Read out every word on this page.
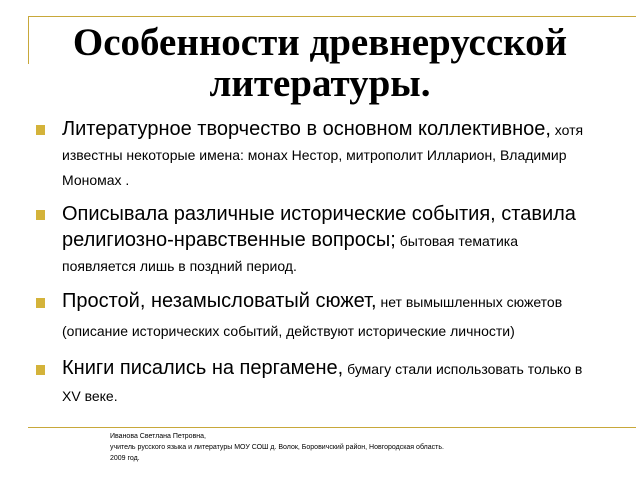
Особенности древнерусской литературы.
Литературное творчество в основном коллективное, хотя известны некоторые имена: монах Нестор, митрополит Илларион, Владимир Мономах .
Описывала различные исторические события, ставила религиозно-нравственные вопросы; бытовая тематика появляется лишь в поздний период.
Простой, незамысловатый сюжет, нет вымышленных сюжетов (описание исторических событий, действуют исторические личности)
Книги писались на пергамене, бумагу стали использовать только в XV веке.
Иванова Светлана Петровна,
учитель русского языка и литературы МОУ СОШ д. Волок, Боровичский район, Новгородская область.
2009 год.
